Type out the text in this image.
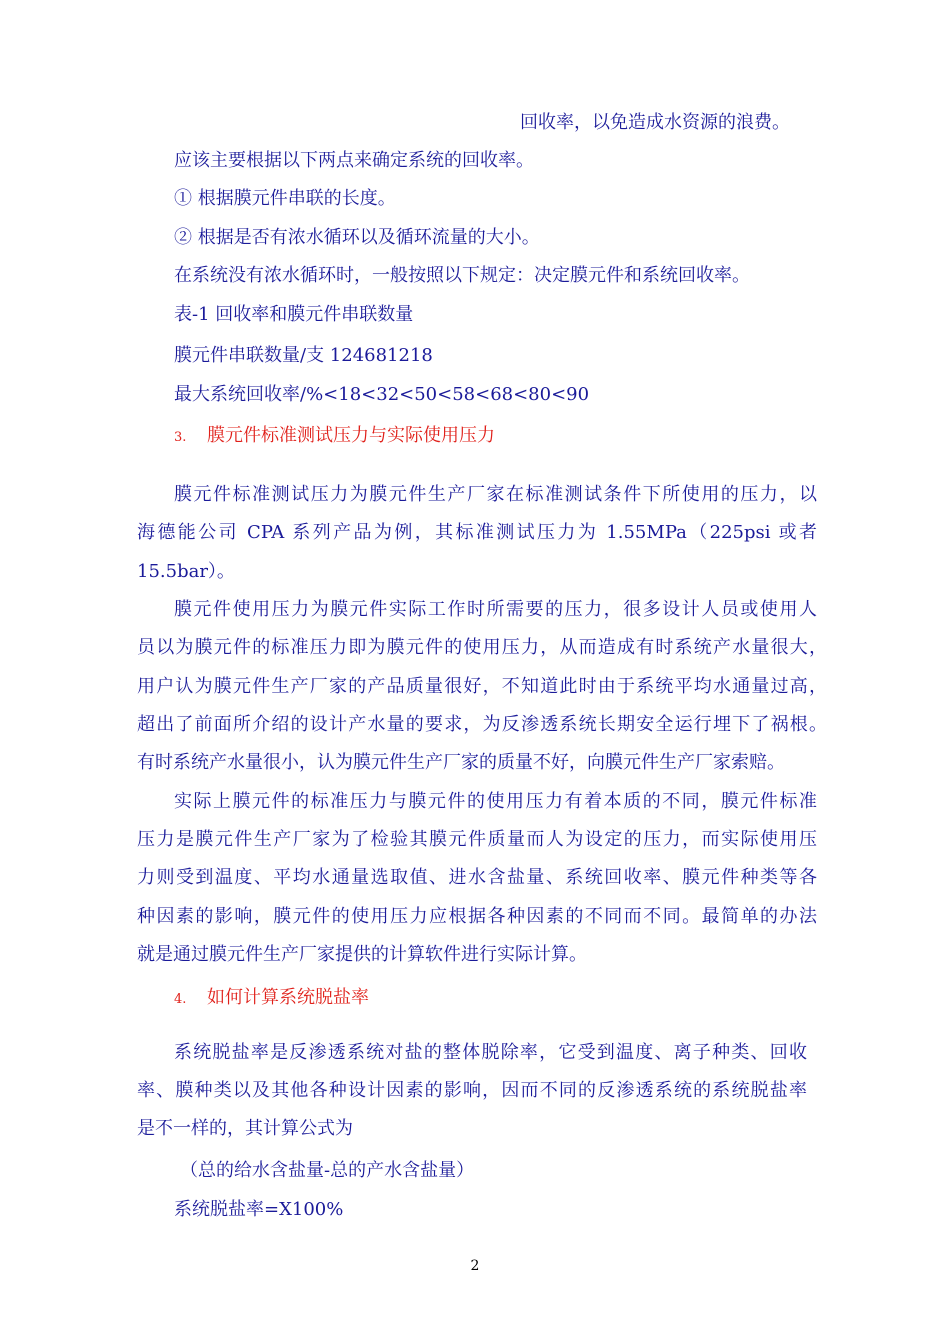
回收率，以免造成水资源的浪费。
应该主要根据以下两点来确定系统的回收率。
① 根据膜元件串联的长度。
② 根据是否有浓水循环以及循环流量的大小。
在系统没有浓水循环时，一般按照以下规定：决定膜元件和系统回收率。
表-1 回收率和膜元件串联数量
膜元件串联数量/支 124681218
最大系统回收率/%<18<32<50<58<68<80<90
3. 膜元件标准测试压力与实际使用压力
膜元件标准测试压力为膜元件生产厂家在标准测试条件下所使用的压力，以
海德能公司 CPA 系列产品为例，其标准测试压力为 1.55MPa（225psi 或者
15.5bar）。
膜元件使用压力为膜元件实际工作时所需要的压力，很多设计人员或使用人
员以为膜元件的标准压力即为膜元件的使用压力，从而造成有时系统产水量很大，
用户认为膜元件生产厂家的产品质量很好，不知道此时由于系统平均水通量过高，
超出了前面所介绍的设计产水量的要求，为反渗透系统长期安全运行埋下了祸根。
有时系统产水量很小，认为膜元件生产厂家的质量不好，向膜元件生产厂家索赔。
实际上膜元件的标准压力与膜元件的使用压力有着本质的不同，膜元件标准
压力是膜元件生产厂家为了检验其膜元件质量而人为设定的压力，而实际使用压
力则受到温度、平均水通量选取值、进水含盐量、系统回收率、膜元件种类等各
种因素的影响，膜元件的使用压力应根据各种因素的不同而不同。最简单的办法
就是通过膜元件生产厂家提供的计算软件进行实际计算。
4. 如何计算系统脱盐率
系统脱盐率是反渗透系统对盐的整体脱除率，它受到温度、离子种类、回收
率、膜种类以及其他各种设计因素的影响，因而不同的反渗透系统的系统脱盐率
是不一样的，其计算公式为
（总的给水含盐量-总的产水含盐量）
系统脱盐率=X100%
2
